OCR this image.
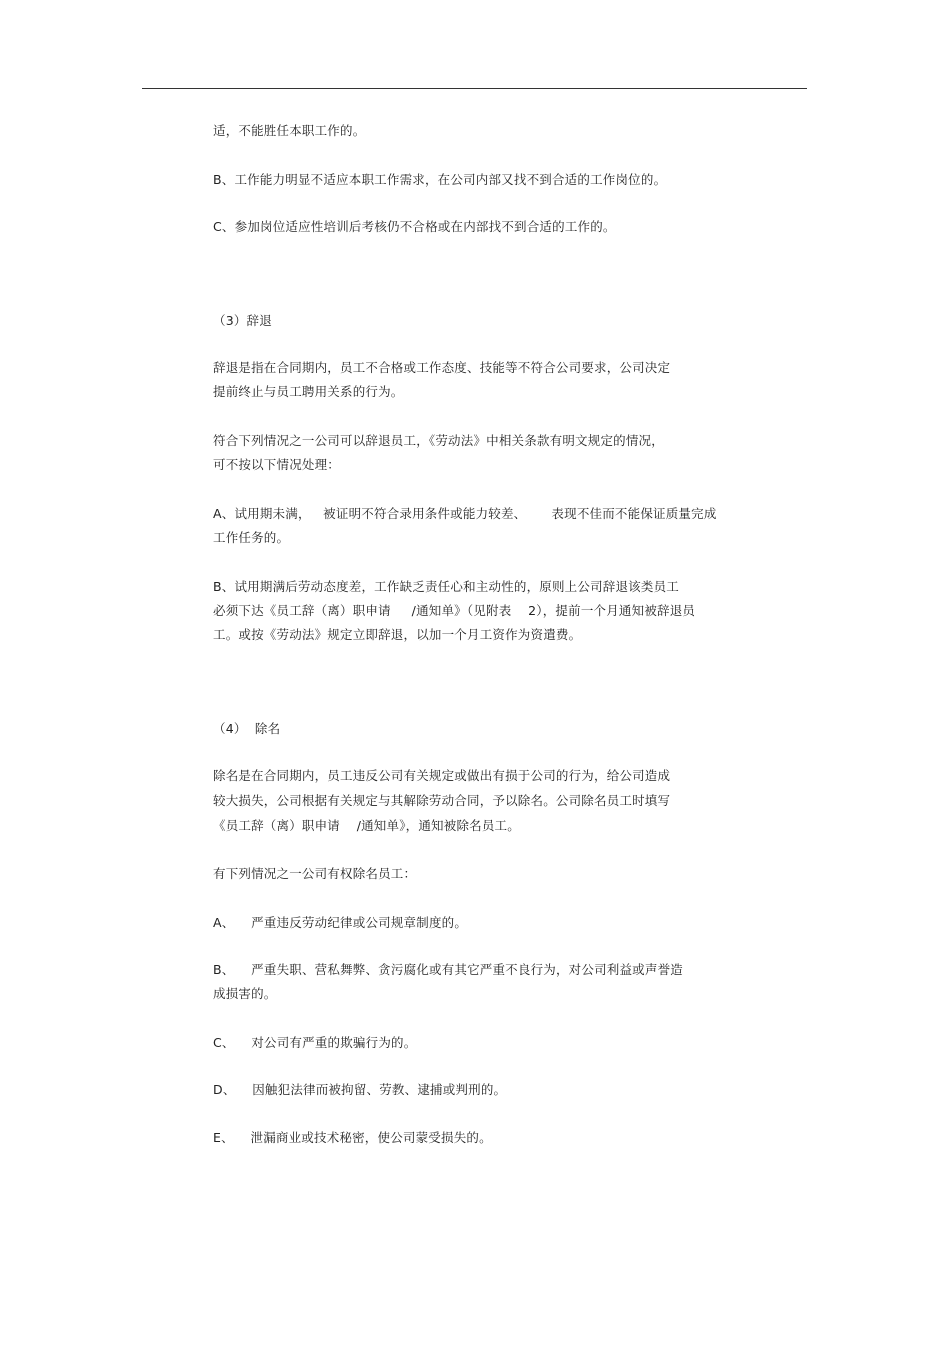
适，不能胜任本职工作的。
B、工作能力明显不适应本职工作需求，在公司内部又找不到合适的工作岗位的。
C、参加岗位适应性培训后考核仍不合格或在内部找不到合适的工作的。
（3）辞退
辞退是指在合同期内，员工不合格或工作态度、技能等不符合公司要求，公司决定
提前终止与员工聘用关系的行为。
符合下列情况之一公司可以辞退员工，《劳动法》中相关条款有明文规定的情况，
可不按以下情况处理：
A、试用期未满，   被证明不符合录用条件或能力较差、      表现不佳而不能保证质量完成
工作任务的。
B、试用期满后劳动态度差，工作缺乏责任心和主动性的，原则上公司辞退该类员工
必须下达《员工辞（离）职申请     /通知单》（见附表    2），提前一个月通知被辞退员
工。或按《劳动法》规定立即辞退，以加一个月工资作为资遣费。
（4）  除名
除名是在合同期内，员工违反公司有关规定或做出有损于公司的行为，给公司造成
较大损失，公司根据有关规定与其解除劳动合同，予以除名。公司除名员工时填写
《员工辞（离）职申请    /通知单》，通知被除名员工。
有下列情况之一公司有权除名员工：
A、    严重违反劳动纪律或公司规章制度的。
B、    严重失职、营私舞弊、贪污腐化或有其它严重不良行为，对公司利益或声誉造
成损害的。
C、    对公司有严重的欺骗行为的。
D、    因触犯法律而被拘留、劳教、逮捕或判刑的。
E、    泄漏商业或技术秘密，使公司蒙受损失的。
